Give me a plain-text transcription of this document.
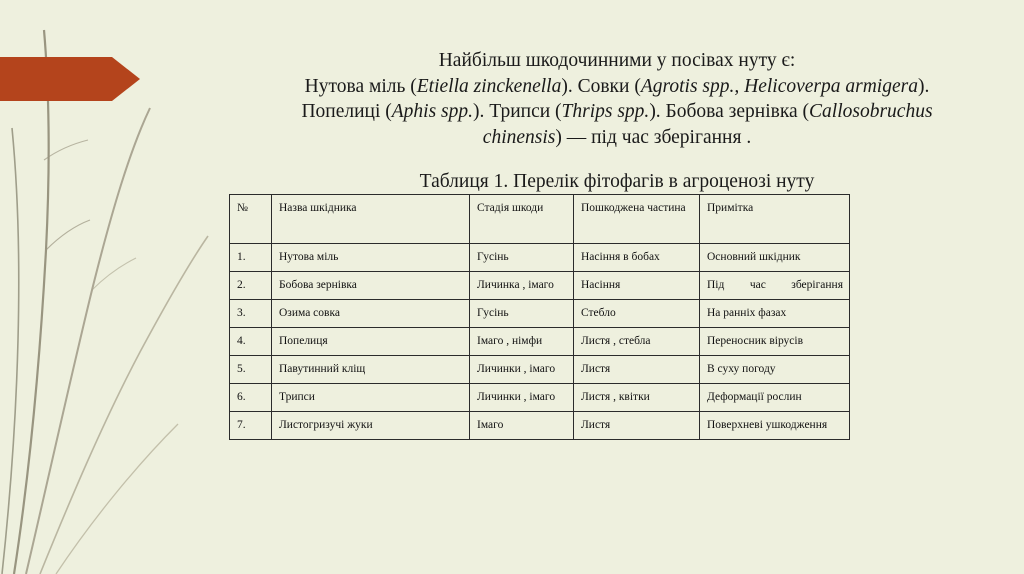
Найбільш шкодочинними у посівах нуту є:
Нутова міль (Etiella zinckenella). Совки (Agrotis spp., Helicoverpa armigera).
Попелиці (Aphis spp.). Трипси (Thrips spp.). Бобова зернівка (Callosobruchus
chinensis) — під час зберігання .
Таблиця 1. Перелік фітофагів в агроценозі нуту
№	Назва шкідника	Стадія шкоди	Пошкоджена частина	Примітка
1.	Нутова міль	Гусінь	Насіння в бобах	Основний шкідник
2.	Бобова зернівка	Личинка , імаго	Насіння	Під час зберігання
3.	Озима совка	Гусінь	Стебло	На ранніх фазах
4.	Попелиця	Імаго , німфи	Листя , стебла	Переносник вірусів
5.	Павутинний кліщ	Личинки , імаго	Листя	В суху погоду
6.	Трипси	Личинки , імаго	Листя , квітки	Деформації рослин
7.	Листогризучі жуки	Імаго	Листя	Поверхневі ушкодження
